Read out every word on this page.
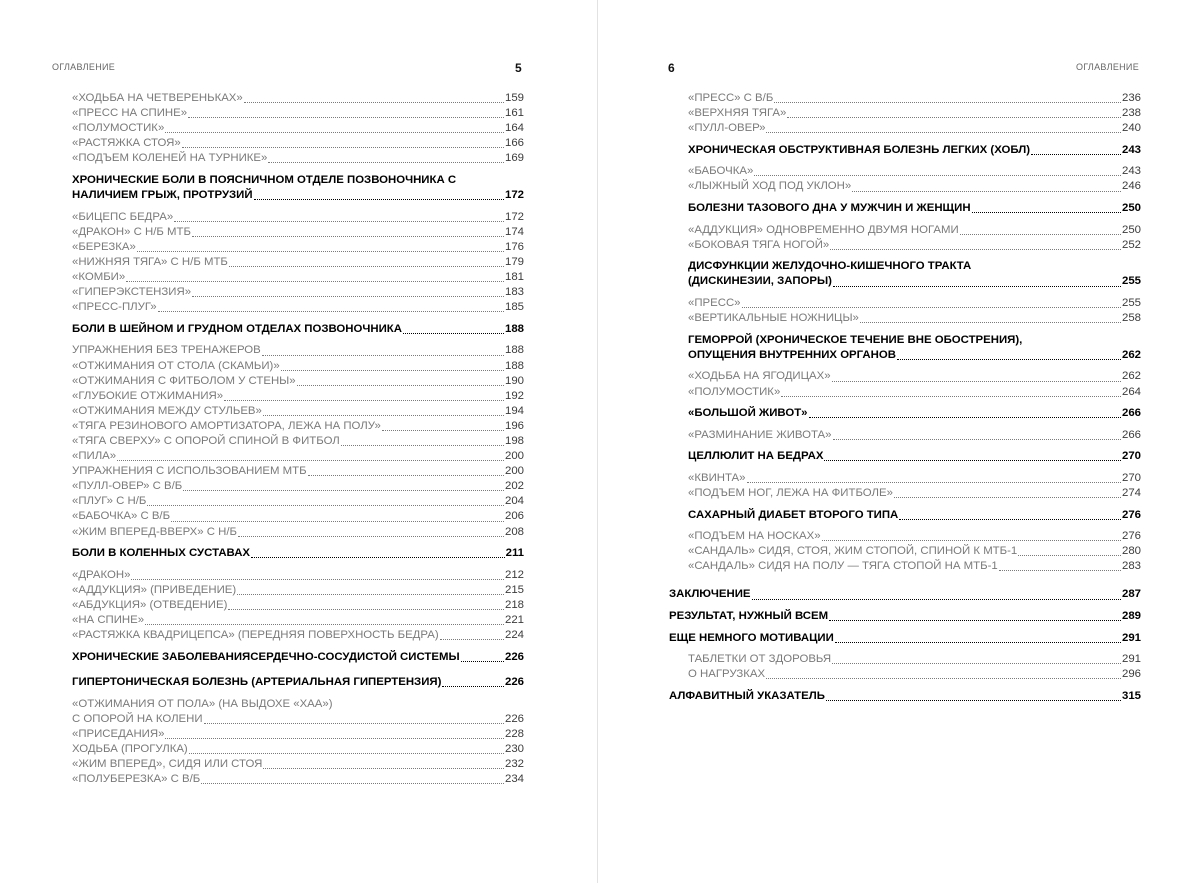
ОГЛАВЛЕНИЕ	5
«ХОДЬБА НА ЧЕТВЕРЕНЬКАХ»	159
«ПРЕСС НА СПИНЕ»	161
«ПОЛУМОСТИК»	164
«РАСТЯЖКА СТОЯ»	166
«ПОДЪЕМ КОЛЕНЕЙ НА ТУРНИКЕ»	169
ХРОНИЧЕСКИЕ БОЛИ В ПОЯСНИЧНОМ ОТДЕЛЕ ПОЗВОНОЧНИКА С
НАЛИЧИЕМ ГРЫЖ, ПРОТРУЗИЙ	172
«БИЦЕПС БЕДРА»	172
«ДРАКОН» С Н/Б МТБ	174
«БЕРЕЗКА»	176
«НИЖНЯЯ ТЯГА» С Н/Б МТБ	179
«КОМБИ»	181
«ГИПЕРЭКСТЕНЗИЯ»	183
«ПРЕСС-ПЛУГ»	185
БОЛИ В ШЕЙНОМ И ГРУДНОМ ОТДЕЛАХ ПОЗВОНОЧНИКА	188
УПРАЖНЕНИЯ БЕЗ ТРЕНАЖЕРОВ	188
«ОТЖИМАНИЯ ОТ СТОЛА (СКАМЬИ)»	188
«ОТЖИМАНИЯ С ФИТБОЛОМ У СТЕНЫ»	190
«ГЛУБОКИЕ ОТЖИМАНИЯ»	192
«ОТЖИМАНИЯ МЕЖДУ СТУЛЬЕВ»	194
«ТЯГА РЕЗИНОВОГО АМОРТИЗАТОРА, ЛЕЖА НА ПОЛУ»	196
«ТЯГА СВЕРХУ» С ОПОРОЙ СПИНОЙ В ФИТБОЛ	198
«ПИЛА»	200
УПРАЖНЕНИЯ С ИСПОЛЬЗОВАНИЕМ МТБ	200
«ПУЛЛ-ОВЕР» С В/Б	202
«ПЛУГ» С Н/Б	204
«БАБОЧКА» С В/Б	206
«ЖИМ ВПЕРЕД-ВВЕРХ» С Н/Б	208
БОЛИ В КОЛЕННЫХ СУСТАВАХ	211
«ДРАКОН»	212
«АДДУКЦИЯ» (ПРИВЕДЕНИЕ)	215
«АБДУКЦИЯ» (ОТВЕДЕНИЕ)	218
«НА СПИНЕ»	221
«РАСТЯЖКА КВАДРИЦЕПСА» (ПЕРЕДНЯЯ ПОВЕРХНОСТЬ БЕДРА)	224
ХРОНИЧЕСКИЕ ЗАБОЛЕВАНИЯСЕРДЕЧНО-СОСУДИСТОЙ СИСТЕМЫ	226
ГИПЕРТОНИЧЕСКАЯ БОЛЕЗНЬ (АРТЕРИАЛЬНАЯ ГИПЕРТЕНЗИЯ)	226
«ОТЖИМАНИЯ ОТ ПОЛА» (НА ВЫДОХЕ «ХАА»)
С ОПОРОЙ НА КОЛЕНИ	226
«ПРИСЕДАНИЯ»	228
ХОДЬБА (ПРОГУЛКА)	230
«ЖИМ ВПЕРЕД», СИДЯ ИЛИ СТОЯ	232
«ПОЛУБЕРЕЗКА» С В/Б	234
6	ОГЛАВЛЕНИЕ
«ПРЕСС» С В/Б	236
«ВЕРХНЯЯ ТЯГА»	238
«ПУЛЛ-ОВЕР»	240
ХРОНИЧЕСКАЯ ОБСТРУКТИВНАЯ БОЛЕЗНЬ ЛЕГКИХ (ХОБЛ)	243
«БАБОЧКА»	243
«ЛЫЖНЫЙ ХОД ПОД УКЛОН»	246
БОЛЕЗНИ ТАЗОВОГО ДНА У МУЖЧИН И ЖЕНЩИН	250
«АДДУКЦИЯ» ОДНОВРЕМЕННО ДВУМЯ НОГАМИ	250
«БОКОВАЯ ТЯГА НОГОЙ»	252
ДИСФУНКЦИИ ЖЕЛУДОЧНО-КИШЕЧНОГО ТРАКТА
(ДИСКИНЕЗИИ, ЗАПОРЫ)	255
«ПРЕСС»	255
«ВЕРТИКАЛЬНЫЕ НОЖНИЦЫ»	258
ГЕМОРРОЙ (ХРОНИЧЕСКОЕ ТЕЧЕНИЕ ВНЕ ОБОСТРЕНИЯ),
ОПУЩЕНИЯ ВНУТРЕННИХ ОРГАНОВ	262
«ХОДЬБА НА ЯГОДИЦАХ»	262
«ПОЛУМОСТИК»	264
«БОЛЬШОЙ ЖИВОТ»	266
«РАЗМИНАНИЕ ЖИВОТА»	266
ЦЕЛЛЮЛИТ НА БЕДРАХ	270
«КВИНТА»	270
«ПОДЪЕМ НОГ, ЛЕЖА НА ФИТБОЛЕ»	274
САХАРНЫЙ ДИАБЕТ ВТОРОГО ТИПА	276
«ПОДЪЕМ НА НОСКАХ»	276
«САНДАЛЬ» СИДЯ, СТОЯ, ЖИМ СТОПОЙ, СПИНОЙ К МТБ-1	280
«САНДАЛЬ» СИДЯ НА ПОЛУ — ТЯГА СТОПОЙ НА МТБ-1	283
ЗАКЛЮЧЕНИЕ	287
РЕЗУЛЬТАТ, НУЖНЫЙ ВСЕМ	289
ЕЩЕ НЕМНОГО МОТИВАЦИИ	291
ТАБЛЕТКИ ОТ ЗДОРОВЬЯ	291
О НАГРУЗКАХ	296
АЛФАВИТНЫЙ УКАЗАТЕЛЬ	315
